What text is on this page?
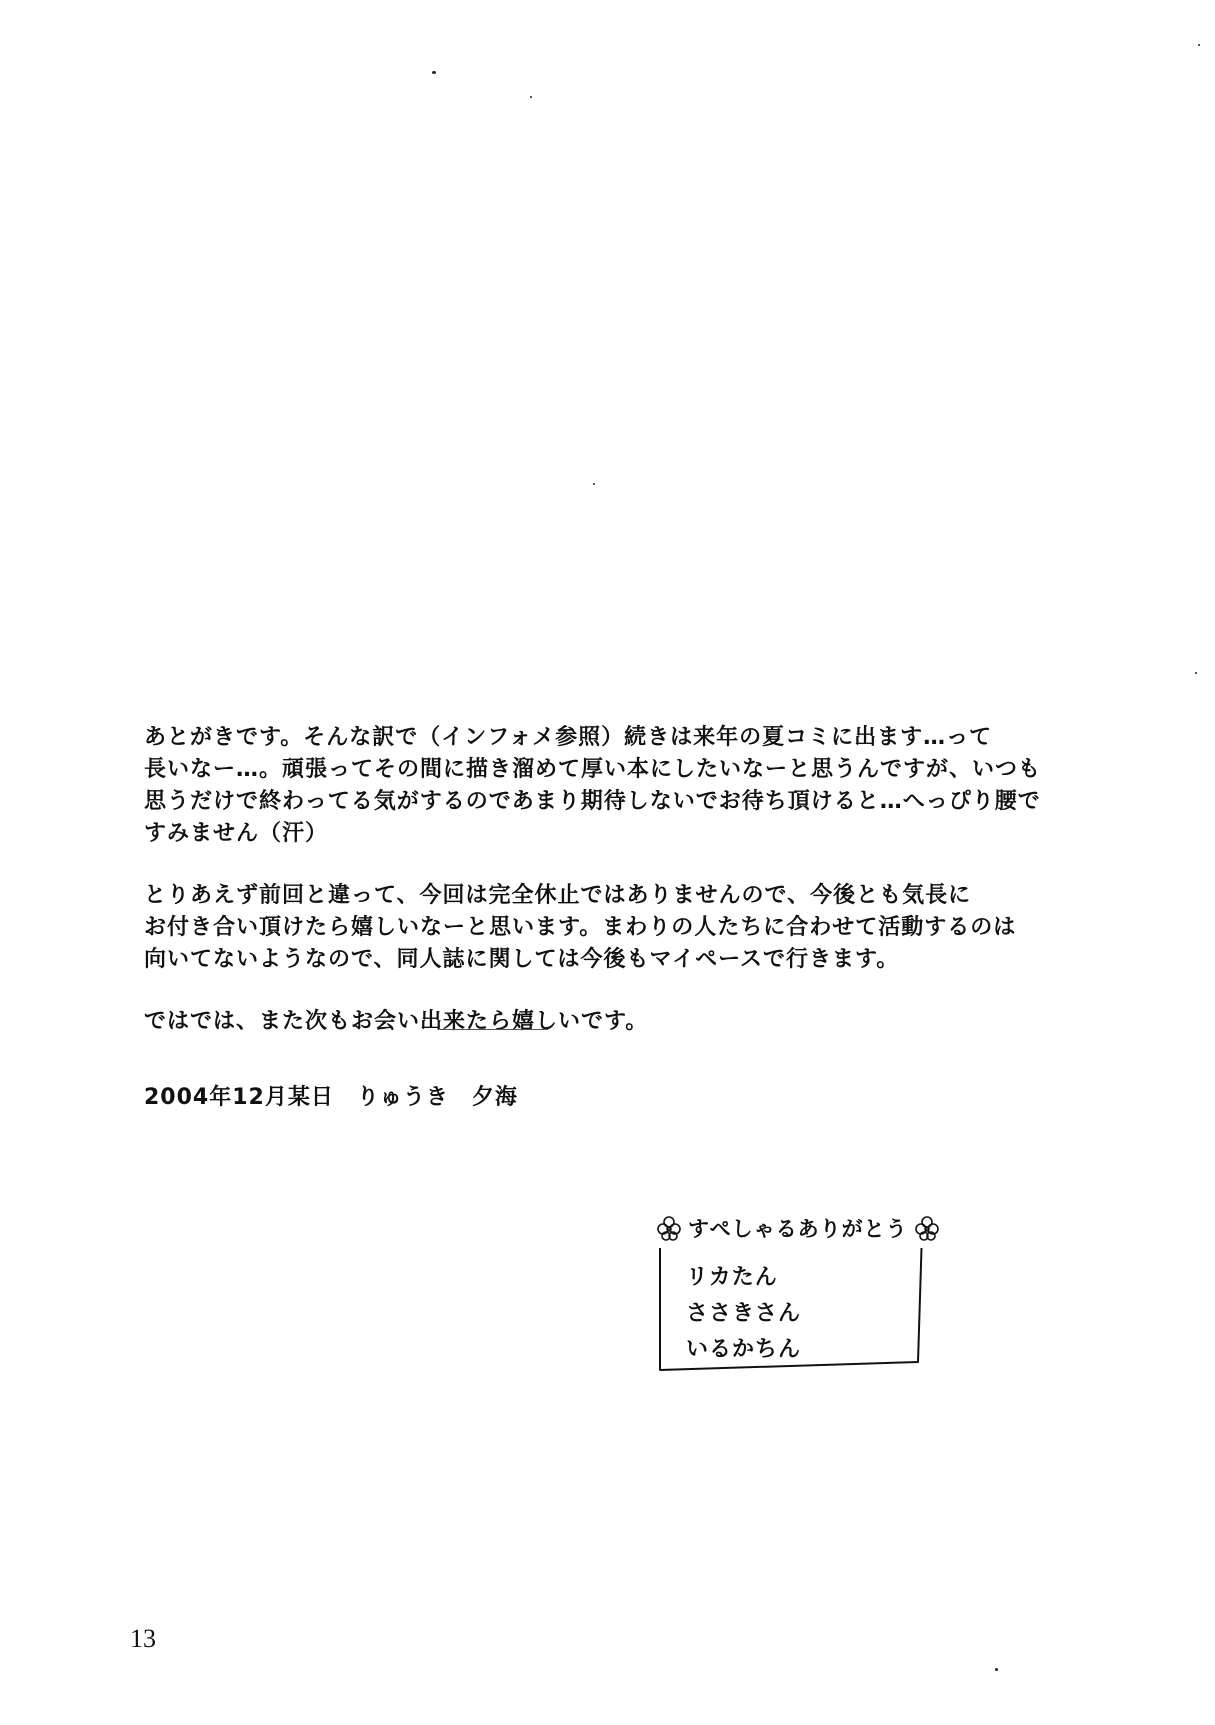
あとがきです。そんな訳で（インフォメ参照）続きは来年の夏コミに出ます…って
長いなー…。頑張ってその間に描き溜めて厚い本にしたいなーと思うんですが、いつも
思うだけで終わってる気がするのであまり期待しないでお待ち頂けると…へっぴり腰で
すみません（汗）
とりあえず前回と違って、今回は完全休止ではありませんので、今後とも気長に
お付き合い頂けたら嬉しいなーと思います。まわりの人たちに合わせて活動するのは
向いてないようなので、同人誌に関しては今後もマイペースで行きます。
ではでは、また次もお会い出来たら嬉しいです。
2004年12月某日　りゅうき　夕海
すぺしゃるありがとう
リカたん
ささきさん
いるかちん
13
